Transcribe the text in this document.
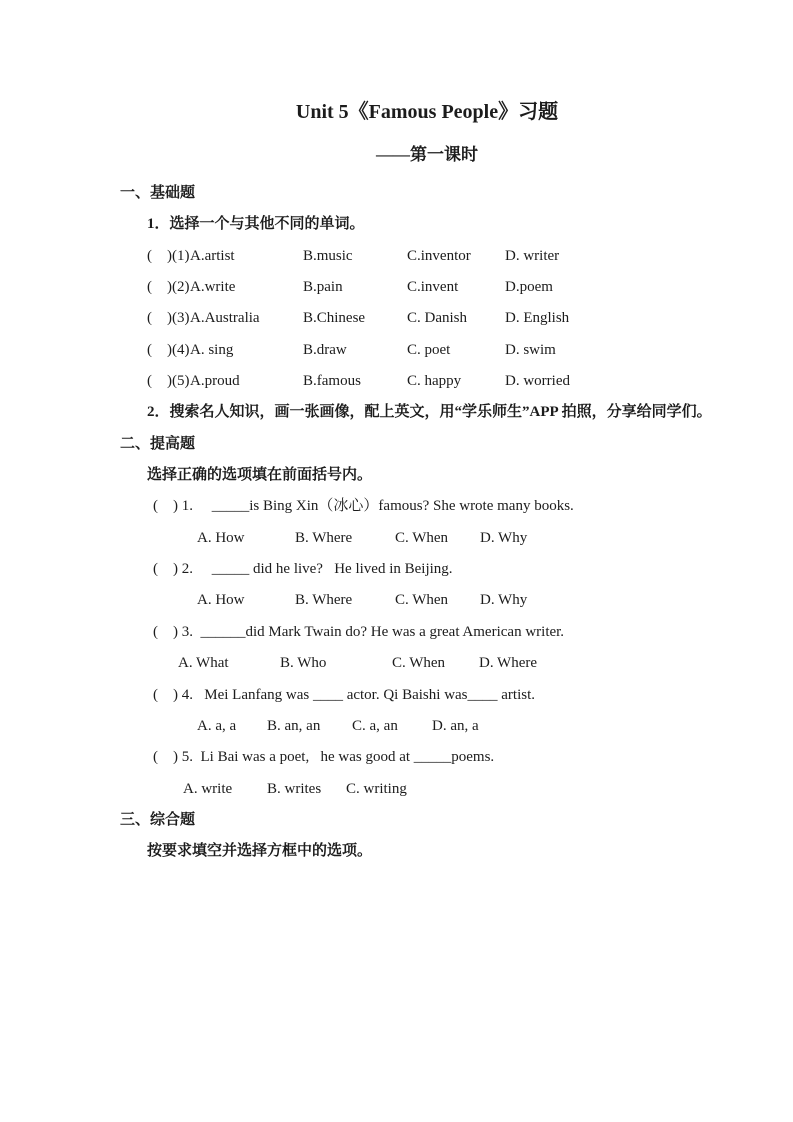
Unit 5《Famous People》习题
——第一课时
一、基础题
1．选择一个与其他不同的单词。
(    )(1) A.artist	B.music	C.inventor	D. writer
(    )(2) A.write	B.pain	C.invent	D.poem
(    )(3) A.Australia	B.Chinese	C. Danish	D. English
(    )(4) A. sing	B.draw	C. poet	D. swim
(    )(5) A.proud	B.famous	C. happy	D. worried
2．搜索名人知识，画一张画像，配上英文，用“学乐师生”APP 拍照，分享给同学们。
二、提高题
选择正确的选项填在前面括号内。
(    ) 1.     _____is Bing Xin（冰心）famous? She wrote many books.
A. How	B. Where	C. When	D. Why
(    ) 2.     _____ did he live?   He lived in Beijing.
A. How	B. Where	C. When	D. Why
(    ) 3.  ______did Mark Twain do? He was a great American writer.
A. What	B. Who	C. When	D. Where
(    ) 4.   Mei Lanfang was ____ actor. Qi Baishi was____ artist.
A. a, a	B. an, an	C. a, an	D. an, a
(    ) 5.  Li Bai was a poet,   he was good at _____poems.
A. write	B. writes	C. writing
三、综合题
按要求填空并选择方框中的选项。
